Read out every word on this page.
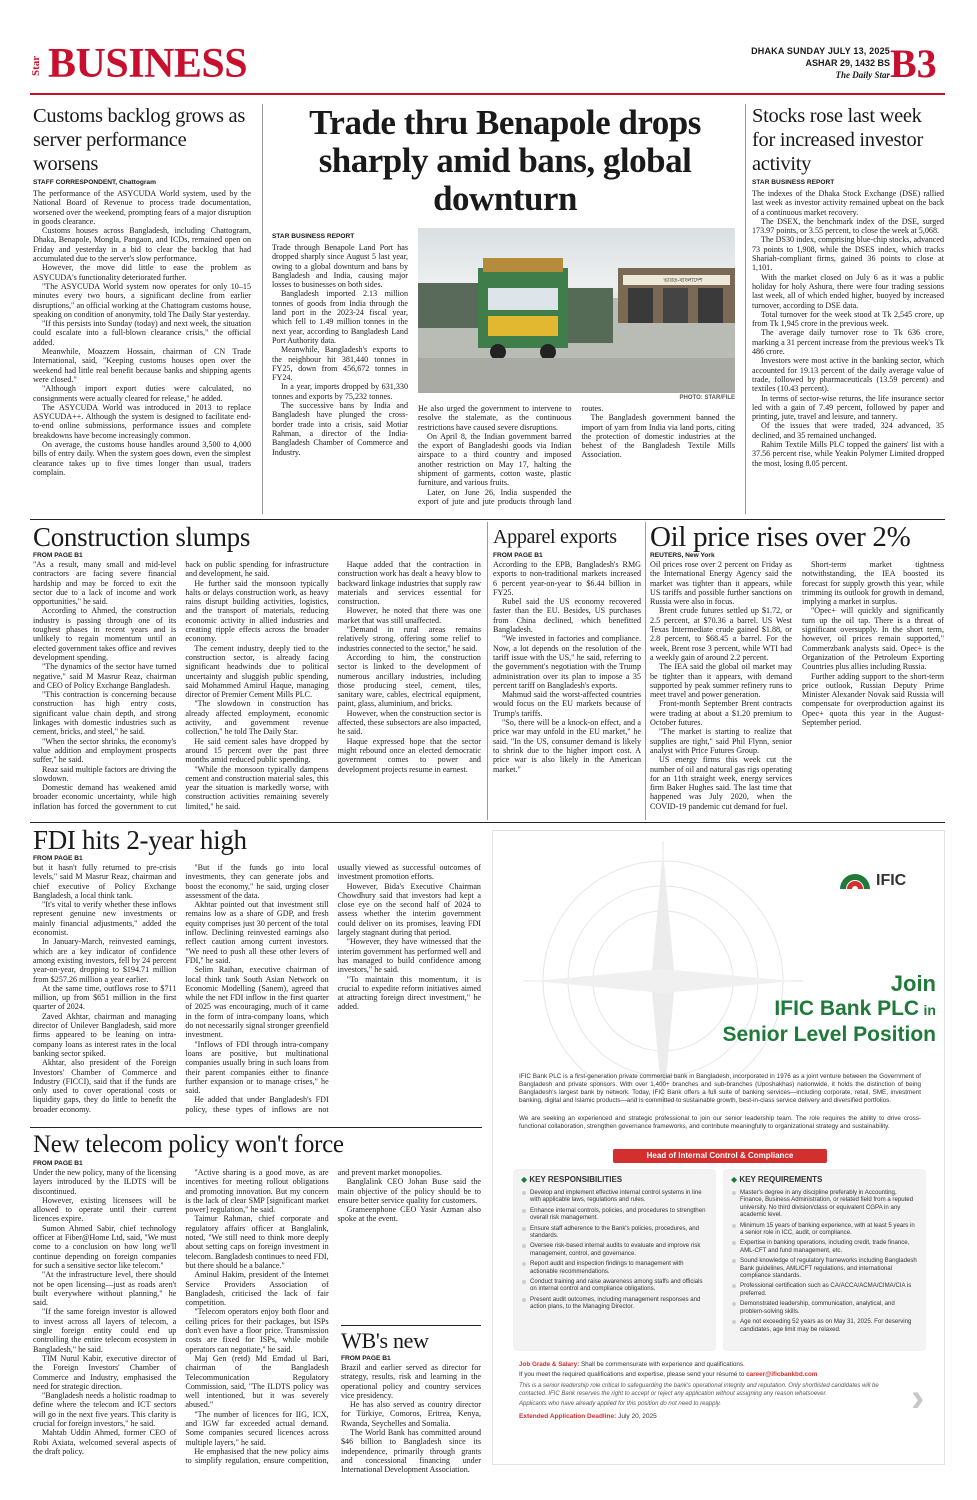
Star BUSINESS	DHAKA SUNDAY JULY 13, 2025
ASHAR 29, 1432 BS
The Daily Star B3
Customs backlog grows as server performance worsens
STAFF CORRESPONDENT, Chattogram

The performance of the ASYCUDA World system, used by the National Board of Revenue to process trade documentation, worsened over the weekend, prompting fears of a major disruption in goods clearance.

Customs houses across Bangladesh, including Chattogram, Dhaka, Benapole, Mongla, Pangaon, and ICDs, remained open on Friday and yesterday in a bid to clear the backlog that had accumulated due to the server's slow performance.

However, the move did little to ease the problem as ASYCUDA's functionality deteriorated further.

"The ASYCUDA World system now operates for only 10–15 minutes every two hours, a significant decline from earlier disruptions," an official working at the Chattogram customs house, speaking on condition of anonymity, told The Daily Star yesterday.

"If this persists into Sunday (today) and next week, the situation could escalate into a full-blown clearance crisis," the official added.

Meanwhile, Moazzem Hossain, chairman of CN Trade International, said, "Keeping customs houses open over the weekend had little real benefit because banks and shipping agents were closed."

"Although import export duties were calculated, no consignments were actually cleared for release," he added.

The ASYCUDA World was introduced in 2013 to replace ASYCUDA++. Although the system is designed to facilitate end-to-end online submissions, performance issues and complete breakdowns have become increasingly common.

On average, the customs house handles around 3,500 to 4,000 bills of entry daily. When the system goes down, even the simplest clearance takes up to five times longer than usual, traders complain.

Trade thru Benapole drops sharply amid bans, global downturn
ভারত-বাংলাদেশ
PHOTO: STAR/FILE
STAR BUSINESS REPORT

Trade through Benapole Land Port has dropped sharply since August 5 last year, owing to a global downturn and bans by Bangladesh and India, causing major losses to businesses on both sides.

Bangladesh imported 2.13 million tonnes of goods from India through the land port in the 2023-24 fiscal year, which fell to 1.49 million tonnes in the next year, according to Bangladesh Land Port Authority data.

Meanwhile, Bangladesh's exports to the neighbour hit 381,440 tonnes in FY25, down from 456,672 tonnes in FY24.

In a year, imports dropped by 631,330 tonnes and exports by 75,232 tonnes.

The successive bans by India and Bangladesh have plunged the cross-border trade into a crisis, said Motiar Rahman, a director of the India-Bangladesh Chamber of Commerce and Industry.

He also urged the government to intervene to resolve the stalemate, as the continuous restrictions have caused severe disruptions.

On April 8, the Indian government barred the export of Bangladeshi goods via Indian airspace to a third country and imposed another restriction on May 17, halting the shipment of garments, cotton waste, plastic furniture, and various fruits.

Later, on June 26, India suspended the export of jute and jute products through land routes.

The Bangladesh government banned the import of yarn from India via land ports, citing the protection of domestic industries at the behest of the Bangladesh Textile Mills Association.

Stocks rose last week for increased investor activity
STAR BUSINESS REPORT

The indexes of the Dhaka Stock Exchange (DSE) rallied last week as investor activity remained upbeat on the back of a continuous market recovery.

The DSEX, the benchmark index of the DSE, surged 173.97 points, or 3.55 percent, to close the week at 5,068.

The DS30 index, comprising blue-chip stocks, advanced 73 points to 1,908, while the DSES index, which tracks Shariah-compliant firms, gained 36 points to close at 1,101.

With the market closed on July 6 as it was a public holiday for holy Ashura, there were four trading sessions last week, all of which ended higher, buoyed by increased turnover, according to DSE data.

Total turnover for the week stood at Tk 2,545 crore, up from Tk 1,945 crore in the previous week.

The average daily turnover rose to Tk 636 crore, marking a 31 percent increase from the previous week's Tk 486 crore.

Investors were most active in the banking sector, which accounted for 19.13 percent of the daily average value of trade, followed by pharmaceuticals (13.59 percent) and textiles (10.43 percent).

In terms of sector-wise returns, the life insurance sector led with a gain of 7.49 percent, followed by paper and printing, jute, travel and leisure, and tannery.

Of the issues that were traded, 324 advanced, 35 declined, and 35 remained unchanged.

Rahim Textile Mills PLC topped the gainers' list with a 37.56 percent rise, while Yeakin Polymer Limited dropped the most, losing 8.05 percent.

Construction slumps
FROM PAGE B1

"As a result, many small and mid-level contractors are facing severe financial hardship and may be forced to exit the sector due to a lack of income and work opportunities," he said.

According to Ahmed, the construction industry is passing through one of its toughest phases in recent years and is unlikely to regain momentum until an elected government takes office and revives development spending.

"The dynamics of the sector have turned negative," said M Masrur Reaz, chairman and CEO of Policy Exchange Bangladesh.

"This contraction is concerning because construction has high entry costs, significant value chain depth, and strong linkages with domestic industries such as cement, bricks, and steel," he said.

"When the sector shrinks, the economy's value addition and employment prospects suffer," he said.

Reaz said multiple factors are driving the slowdown.

Domestic demand has weakened amid broader economic uncertainty, while high inflation has forced the government to cut back on public spending for infrastructure and development, he said.

He further said the monsoon typically halts or delays construction work, as heavy rains disrupt building activities, logistics, and the transport of materials, reducing economic activity in allied industries and creating ripple effects across the broader economy.

The cement industry, deeply tied to the construction sector, is already facing significant headwinds due to political uncertainty and sluggish public spending, said Mohammed Amirul Haque, managing director of Premier Cement Mills PLC.

"The slowdown in construction has already affected employment, economic activity, and government revenue collection," he told The Daily Star.

He said cement sales have dropped by around 15 percent over the past three months amid reduced public spending.

"While the monsoon typically dampens cement and construction material sales, this year the situation is markedly worse, with construction activities remaining severely limited," he said.

Haque added that the contraction in construction work has dealt a heavy blow to backward linkage industries that supply raw materials and services essential for construction.

However, he noted that there was one market that was still unaffected.

"Demand in rural areas remains relatively strong, offering some relief to industries connected to the sector," he said.

According to him, the construction sector is linked to the development of numerous ancillary industries, including those producing steel, cement, tiles, sanitary ware, cables, electrical equipment, paint, glass, aluminium, and bricks.

However, when the construction sector is affected, these subsectors are also impacted, he said.

Haque expressed hope that the sector might rebound once an elected democratic government comes to power and development projects resume in earnest.

Apparel exports
FROM PAGE B1

According to the EPB, Bangladesh's RMG exports to non-traditional markets increased 6 percent year-on-year to $6.44 billion in FY25.

Rubel said the US economy recovered faster than the EU. Besides, US purchases from China declined, which benefitted Bangladesh.

"We invested in factories and compliance. Now, a lot depends on the resolution of the tariff issue with the US," he said, referring to the government's negotiation with the Trump administration over its plan to impose a 35 percent tariff on Bangladesh's exports.

Mahmud said the worst-affected countries would focus on the EU markets because of Trump's tariffs.

"So, there will be a knock-on effect, and a price war may unfold in the EU market," he said. "In the US, consumer demand is likely to shrink due to the higher import cost. A price war is also likely in the American market."

Oil price rises over 2%
REUTERS, New York

Oil prices rose over 2 percent on Friday as the International Energy Agency said the market was tighter than it appears, while US tariffs and possible further sanctions on Russia were also in focus.

Brent crude futures settled up $1.72, or 2.5 percent, at $70.36 a barrel. US West Texas Intermediate crude gained $1.88, or 2.8 percent, to $68.45 a barrel. For the week, Brent rose 3 percent, while WTI had a weekly gain of around 2.2 percent.

The IEA said the global oil market may be tighter than it appears, with demand supported by peak summer refinery runs to meet travel and power generation.

Front-month September Brent contracts were trading at about a $1.20 premium to October futures.

"The market is starting to realize that supplies are tight," said Phil Flynn, senior analyst with Price Futures Group.

US energy firms this week cut the number of oil and natural gas rigs operating for an 11th straight week, energy services firm Baker Hughes said. The last time that happened was July 2020, when the COVID-19 pandemic cut demand for fuel.

Short-term market tightness notwithstanding, the IEA boosted its forecast for supply growth this year, while trimming its outlook for growth in demand, implying a market in surplus.

"Opec+ will quickly and significantly turn up the oil tap. There is a threat of significant oversupply. In the short term, however, oil prices remain supported," Commerzbank analysts said. Opec+ is the Organization of the Petroleum Exporting Countries plus allies including Russia.

Further adding support to the short-term price outlook, Russian Deputy Prime Minister Alexander Novak said Russia will compensate for overproduction against its Opec+ quota this year in the August-September period.

FDI hits 2-year high
FROM PAGE B1

but it hasn't fully returned to pre-crisis levels," said M Masrur Reaz, chairman and chief executive of Policy Exchange Bangladesh, a local think tank.

"It's vital to verify whether these inflows represent genuine new investments or mainly financial adjustments," added the economist.

In January-March, reinvested earnings, which are a key indicator of confidence among existing investors, fell by 24 percent year-on-year, dropping to $194.71 million from $257.26 million a year earlier.

At the same time, outflows rose to $711 million, up from $651 million in the first quarter of 2024.

Zaved Akhtar, chairman and managing director of Unilever Bangladesh, said more firms appeared to be leaning on intra-company loans as interest rates in the local banking sector spiked.

Akhtar, also president of the Foreign Investors' Chamber of Commerce and Industry (FICCI), said that if the funds are only used to cover operational costs or liquidity gaps, they do little to benefit the broader economy.

"But if the funds go into local investments, they can generate jobs and boost the economy," he said, urging closer assessment of the data.

Akhtar pointed out that investment still remains low as a share of GDP, and fresh equity comprises just 30 percent of the total inflow. Declining reinvested earnings also reflect caution among current investors. "We need to push all these other levers of FDI," he said.

Selim Raihan, executive chairman of local think tank South Asian Network on Economic Modelling (Sanem), agreed that while the net FDI inflow in the first quarter of 2025 was encouraging, much of it came in the form of intra-company loans, which do not necessarily signal stronger greenfield investment.

"Inflows of FDI through intra-company loans are positive, but multinational companies usually bring in such loans from their parent companies either to finance further expansion or to manage crises," he said.

He added that under Bangladesh's FDI policy, these types of inflows are not usually viewed as successful outcomes of investment promotion efforts.

However, Bida's Executive Chairman Chowdhury said that investors had kept a close eye on the second half of 2024 to assess whether the interim government could deliver on its promises, leaving FDI largely stagnant during that period.

"However, they have witnessed that the interim government has performed well and has managed to build confidence among investors," he said.

"To maintain this momentum, it is crucial to expedite reform initiatives aimed at attracting foreign direct investment," he added.

New telecom policy won't force
FROM PAGE B1

Under the new policy, many of the licensing layers introduced by the ILDTS will be discontinued.

However, existing licensees will be allowed to operate until their current licences expire.

Sumon Ahmed Sabir, chief technology officer at Fiber@Home Ltd, said, "We must come to a conclusion on how long we'll continue depending on foreign companies for such a sensitive sector like telecom."

"At the infrastructure level, there should not be open licensing—just as roads aren't built everywhere without planning," he said.

"If the same foreign investor is allowed to invest across all layers of telecom, a single foreign entity could end up controlling the entire telecom ecosystem in Bangladesh," he said.

TIM Nurul Kabir, executive director of the Foreign Investors' Chamber of Commerce and Industry, emphasised the need for strategic direction.

"Bangladesh needs a holistic roadmap to define where the telecom and ICT sectors will go in the next five years. This clarity is crucial for foreign investors," he said.

Mahtab Uddin Ahmed, former CEO of Robi Axiata, welcomed several aspects of the draft policy.

"Active sharing is a good move, as are incentives for meeting rollout obligations and promoting innovation. But my concern is the lack of clear SMP [significant market power] regulation," he said.

Taimur Rahman, chief corporate and regulatory affairs officer at Banglalink, noted, "We still need to think more deeply about setting caps on foreign investment in telecom. Bangladesh continues to need FDI, but there should be a balance."

Aminul Hakim, president of the Internet Service Providers Association of Bangladesh, criticised the lack of fair competition.

"Telecom operators enjoy both floor and ceiling prices for their packages, but ISPs don't even have a floor price. Transmission costs are fixed for ISPs, while mobile operators can negotiate," he said.

Maj Gen (retd) Md Emdad ul Bari, chairman of the Bangladesh Telecommunication Regulatory Commission, said, "The ILDTS policy was well intentioned, but it was severely abused."

"The number of licences for IIG, ICX, and IGW far exceeded actual demand. Some companies secured licences across multiple layers," he said.

He emphasised that the new policy aims to simplify regulation, ensure competition, and prevent market monopolies.

Banglalink CEO Johan Buse said the main objective of the policy should be to ensure better service quality for customers.

Grameenphone CEO Yasir Azman also spoke at the event.

WB's new
FROM PAGE B1

Brazil and earlier served as director for strategy, results, risk and learning in the operational policy and country services vice presidency.

He has also served as country director for Türkiye, Comoros, Eritrea, Kenya, Rwanda, Seychelles and Somalia.

The World Bank has committed around $46 billion to Bangladesh since its independence, primarily through grants and concessional financing under International Development Association.

IFIC
Join
IFIC Bank PLC in
Senior Level Position
IFIC Bank PLC is a first-generation private commercial bank in Bangladesh, incorporated in 1976 as a joint venture between the Government of Bangladesh and private sponsors. With over 1,400+ branches and sub-branches (Uposhakhas) nationwide, it holds the distinction of being Bangladesh's largest bank by network. Today, IFIC Bank offers a full suite of banking services—including corporate, retail, SME, investment banking, digital and Islamic products—and is committed to sustainable growth, best-in-class service delivery and diversified portfolios.
We are seeking an experienced and strategic professional to join our senior leadership team. The role requires the ability to drive cross-functional collaboration, strengthen governance frameworks, and contribute meaningfully to organizational strategy and sustainability.
Head of Internal Control & Compliance
◆ KEY RESPONSIBILITIES
Develop and implement effective internal control systems in line with applicable laws, regulations and rules.
Enhance internal controls, policies, and procedures to strengthen overall risk management.
Ensure staff adherence to the Bank's policies, procedures, and standards.
Oversee risk-based internal audits to evaluate and improve risk management, control, and governance.
Report audit and inspection findings to management with actionable recommendations.
Conduct training and raise awareness among staffs and officials on internal control and compliance obligations.
Present audit outcomes, including management responses and action plans, to the Managing Director.
◆ KEY REQUIREMENTS
Master's degree in any discipline preferably in Accounting, Finance, Business Administration, or related field from a reputed university. No third division/class or equivalent CGPA in any academic level.
Minimum 15 years of banking experience, with at least 5 years in a senior role in ICC, audit, or compliance.
Expertise in banking operations, including credit, trade finance, AML-CFT and fund management, etc.
Sound knowledge of regulatory frameworks including Bangladesh Bank guidelines, AML/CFT regulations, and international compliance standards.
Professional certification such as CA/ACCA/ACMA/CIMA/CIA is preferred.
Demonstrated leadership, communication, analytical, and problem-solving skills.
Age not exceeding 52 years as on May 31, 2025. For deserving candidates, age limit may be relaxed.
Job Grade & Salary: Shall be commensurate with experience and qualifications.
If you meet the required qualifications and expertise, please send your résumé to career@ificbankbd.com
This is a senior leadership role critical to safeguarding the bank's operational integrity and reputation. Only shortlisted candidates will be contacted. IFIC Bank reserves the right to accept or reject any application without assigning any reason whatsoever.
Applicants who have already applied for this position do not need to reapply.
Extended Application Deadline: July 20, 2025	›
